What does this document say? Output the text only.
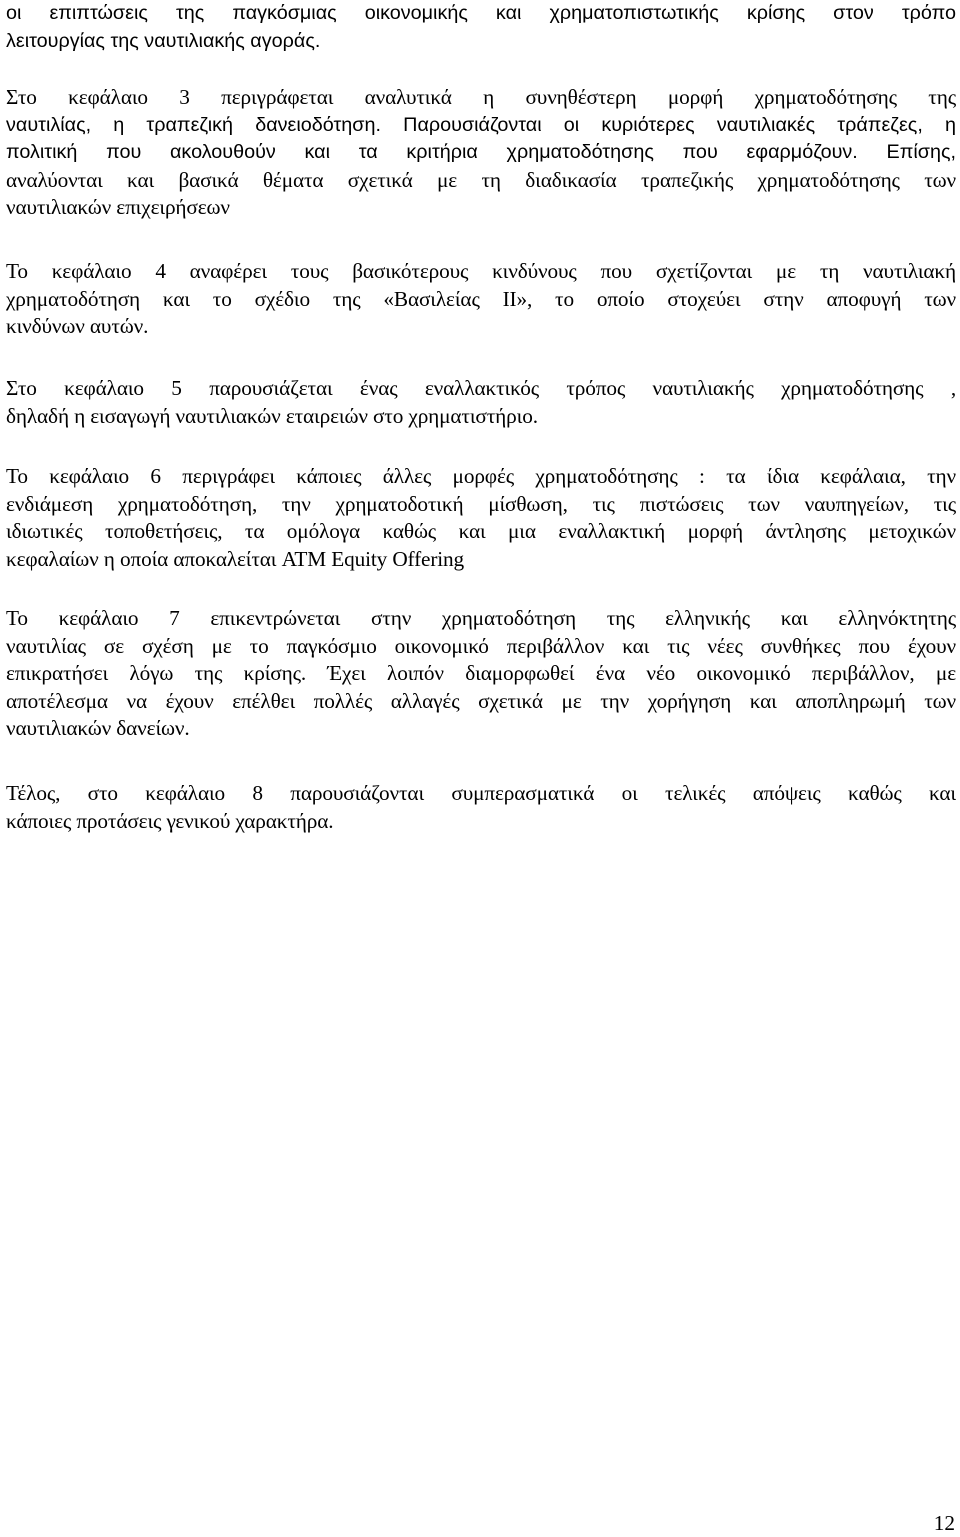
οι επιπτώσεις της παγκόσμιας οικονομικής και χρηματοπιστωτικής κρίσης στον τρόπο
λειτουργίας της ναυτιλιακής αγοράς.
Στο κεφάλαιο 3 περιγράφεται αναλυτικά η συνηθέστερη μορφή χρηματοδότησης της
ναυτιλίας, η τραπεζική δανειοδότηση. Παρουσιάζονται οι κυριότερες ναυτιλιακές τράπεζες, η
πολιτική που ακολουθούν και τα κριτήρια χρηματοδότησης που εφαρμόζουν. Επίσης,
αναλύονται και βασικά θέματα σχετικά με τη διαδικασία τραπεζικής χρηματοδότησης των
ναυτιλιακών επιχειρήσεων
Το κεφάλαιο 4 αναφέρει τους βασικότερους κινδύνους που σχετίζονται με τη ναυτιλιακή
χρηματοδότηση και το σχέδιο της «Βασιλείας ΙΙ», το οποίο στοχεύει στην αποφυγή των
κινδύνων αυτών.
Στο κεφάλαιο 5 παρουσιάζεται ένας εναλλακτικός τρόπος ναυτιλιακής χρηματοδότησης ,
δηλαδή η εισαγωγή ναυτιλιακών εταιρειών στο χρηματιστήριο.
Το κεφάλαιο 6 περιγράφει κάποιες άλλες μορφές χρηματοδότησης : τα ίδια κεφάλαια, την
ενδιάμεση χρηματοδότηση, την χρηματοδοτική μίσθωση, τις πιστώσεις των ναυπηγείων, τις
ιδιωτικές τοποθετήσεις, τα ομόλογα καθώς και μια εναλλακτική μορφή άντλησης μετοχικών
κεφαλαίων η οποία αποκαλείται ATM Equity Offering
Το κεφάλαιο 7 επικεντρώνεται στην χρηματοδότηση της ελληνικής και ελληνόκτητης
ναυτιλίας σε σχέση με το παγκόσμιο οικονομικό περιβάλλον και τις νέες συνθήκες που έχουν
επικρατήσει λόγω της κρίσης. Έχει λοιπόν διαμορφωθεί ένα νέο οικονομικό περιβάλλον, με
αποτέλεσμα να έχουν επέλθει πολλές αλλαγές σχετικά με την χορήγηση και αποπληρωμή των
ναυτιλιακών δανείων.
Τέλος, στο κεφάλαιο 8 παρουσιάζονται συμπερασματικά οι τελικές απόψεις καθώς και
κάποιες προτάσεις γενικού χαρακτήρα.
12
